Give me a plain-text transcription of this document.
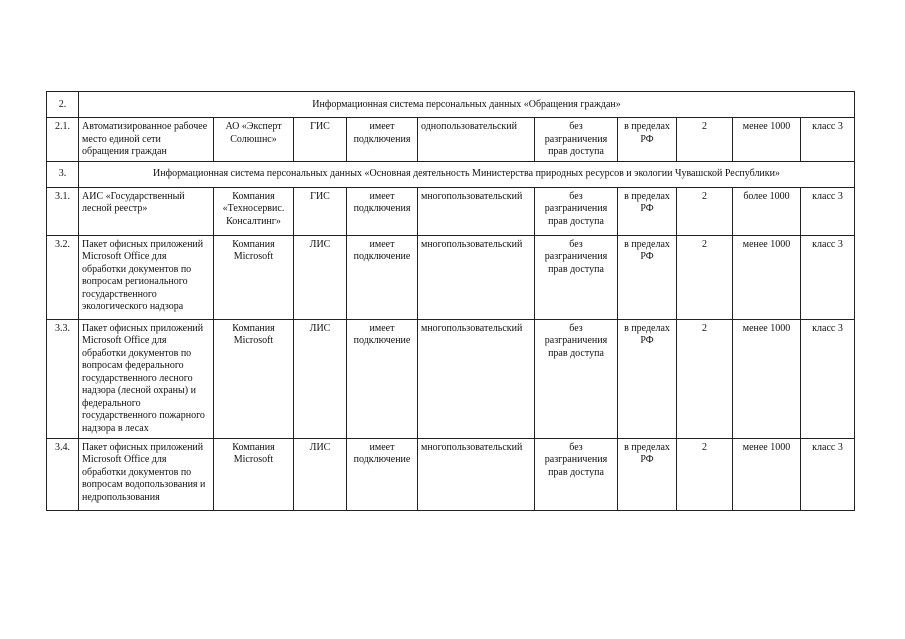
2.	Информационная система персональных данных «Обращения граждан»									
2.1.	Автоматизированное рабочее место единой сети обращения граждан	АО «Эксперт Солюшнс»	ГИС	имеет подключения	однопользовательский	без разграничения прав доступа	в пределах РФ	2	менее 1000	класс 3
3.	Информационная система персональных данных «Основная деятельность Министерства природных ресурсов и экологии Чувашской Республики»									
3.1.	АИС «Государственный лесной реестр»	Компания «Техносервис. Консалтинг»	ГИС	имеет подключения	многопользовательский	без разграничения прав доступа	в пределах РФ	2	более 1000	класс 3
3.2.	Пакет офисных приложений Microsoft Office для обработки документов по вопросам регионального государственного экологического надзора	Компания Microsoft	ЛИС	имеет подключение	многопользовательский	без разграничения прав доступа	в пределах РФ	2	менее 1000	класс 3
3.3.	Пакет офисных приложений Microsoft Office для обработки документов по вопросам федерального государственного лесного надзора (лесной охраны) и федерального государственного пожарного надзора в лесах	Компания Microsoft	ЛИС	имеет подключение	многопользовательский	без разграничения прав доступа	в пределах РФ	2	менее 1000	класс 3
3.4.	Пакет офисных приложений Microsoft Office для обработки документов по вопросам водопользования и недропользования	Компания Microsoft	ЛИС	имеет подключение	многопользовательский	без разграничения прав доступа	в пределах РФ	2	менее 1000	класс 3
